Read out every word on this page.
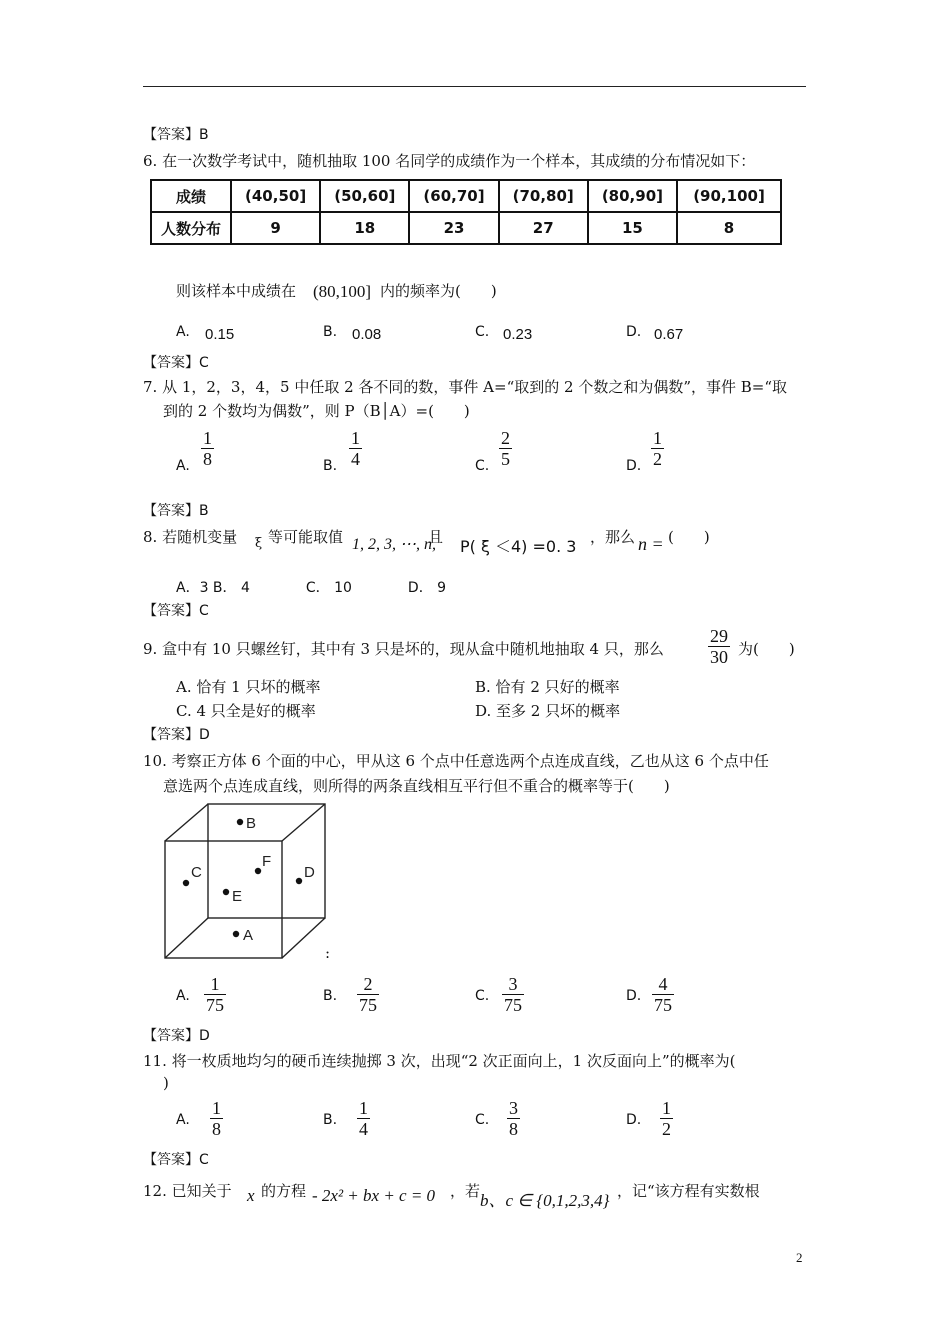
【答案】B
6. 在一次数学考试中，随机抽取 100 名同学的成绩作为一个样本，其成绩的分布情况如下：
成绩	(40,50]	(50,60]	(60,70]	(70,80]	(80,90]	(90,100]
人数分布	9	18	23	27	15	8
则该样本中成绩在 (80,100] 内的频率为(　　)
A. 0.15	B. 0.08	C. 0.23	D. 0.67
【答案】C
7. 从 1，2，3，4，5 中任取 2 各不同的数，事件 A=“取到的 2 个数之和为偶数”，事件 B=“取
到的 2 个数均为偶数”，则 P（B│A）=(　　)
A. $\frac{1}{8}$	B. $\frac{1}{4}$	C. $\frac{2}{5}$	D. $\frac{1}{2}$
【答案】B
8. 若随机变量 ξ 等可能取值 1, 2, 3, ⋯, n,
且 P( ξ ＜4) =0. 3 ，那么 n = (　　)
A．3 B． 4　　　　C． 10　　　　D． 9
【答案】C
9. 盒中有 10 只螺丝钉，其中有 3 只是坏的，现从盒中随机地抽取 4 只，那么 $\frac{29}{30}$ 为(　　)
A. 恰有 1 只坏的概率	B. 恰有 2 只好的概率
C. 4 只全是好的概率	D. 至多 2 只坏的概率
【答案】D
10. 考察正方体 6 个面的中心，甲从这 6 个点中任意选两个点连成直线，乙也从这 6 个点中任
意选两个点连成直线，则所得的两条直线相互平行但不重合的概率等于(　　)
B
C
F
E
D
A
:
A. $\frac{1}{75}$	B. $\frac{2}{75}$	C. $\frac{3}{75}$	D. $\frac{4}{75}$
【答案】D
11. 将一枚质地均匀的硬币连续抛掷 3 次，出现“2 次正面向上，1 次反面向上”的概率为(
)
A. $\frac{1}{8}$	B. $\frac{1}{4}$	C. $\frac{3}{8}$	D. $\frac{1}{2}$
【答案】C
12. 已知关于 x 的方程 - 2x² + bx + c = 0 ，若 b、c ∈ {0,1,2,3,4} ，记“该方程有实数根
2
